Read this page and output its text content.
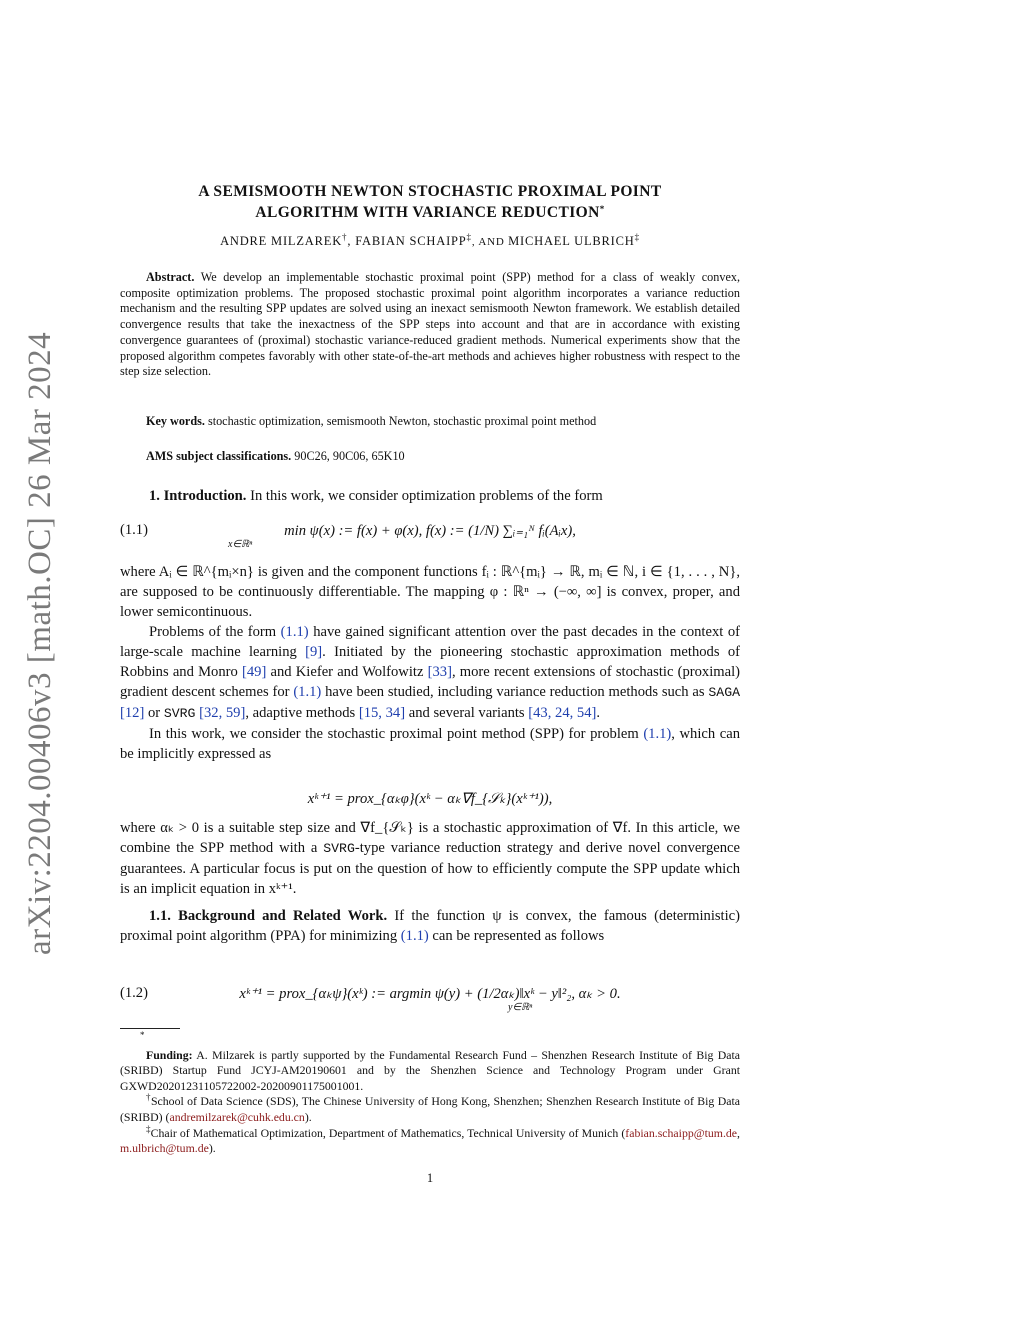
arXiv:2204.00406v3 [math.OC] 26 Mar 2024
A SEMISMOOTH NEWTON STOCHASTIC PROXIMAL POINT
ALGORITHM WITH VARIANCE REDUCTION*
ANDRE MILZAREK†, FABIAN SCHAIPP‡, AND MICHAEL ULBRICH‡

Abstract. We develop an implementable stochastic proximal point (SPP) method for a class of weakly convex, composite optimization problems. The proposed stochastic proximal point algorithm incorporates a variance reduction mechanism and the resulting SPP updates are solved using an inexact semismooth Newton framework. We establish detailed convergence results that take the inexactness of the SPP steps into account and that are in accordance with existing convergence guarantees of (proximal) stochastic variance-reduced gradient methods. Numerical experiments show that the proposed algorithm competes favorably with other state-of-the-art methods and achieves higher robustness with respect to the step size selection.

Key words. stochastic optimization, semismooth Newton, stochastic proximal point method
AMS subject classifications. 90C26, 90C06, 65K10

1. Introduction. In this work, we consider optimization problems of the form

(1.1)	min ψ(x) := f(x) + φ(x), f(x) := (1/N) ∑ᵢ₌₁ᴺ fᵢ(Aᵢx),
x∈ℝⁿ

where Aᵢ ∈ ℝ^{mᵢ×n} is given and the component functions fᵢ : ℝ^{mᵢ} → ℝ, mᵢ ∈ ℕ, i ∈ {1, . . . , N}, are supposed to be continuously differentiable. The mapping φ : ℝⁿ → (−∞, ∞] is convex, proper, and lower semicontinuous.

Problems of the form (1.1) have gained significant attention over the past decades in the context of large-scale machine learning [9]. Initiated by the pioneering stochastic approximation methods of Robbins and Monro [49] and Kiefer and Wolfowitz [33], more recent extensions of stochastic (proximal) gradient descent schemes for (1.1) have been studied, including variance reduction methods such as SAGA [12] or SVRG [32, 59], adaptive methods [15, 34] and several variants [43, 24, 54].

In this work, we consider the stochastic proximal point method (SPP) for problem (1.1), which can be implicitly expressed as

xᵏ⁺¹ = prox_{αₖφ}(xᵏ − αₖ∇f_{𝒮ₖ}(xᵏ⁺¹)),

where αₖ > 0 is a suitable step size and ∇f_{𝒮ₖ} is a stochastic approximation of ∇f. In this article, we combine the SPP method with a SVRG-type variance reduction strategy and derive novel convergence guarantees. A particular focus is put on the question of how to efficiently compute the SPP update which is an implicit equation in xᵏ⁺¹.

1.1. Background and Related Work. If the function ψ is convex, the famous (deterministic) proximal point algorithm (PPA) for minimizing (1.1) can be represented as follows

(1.2)	xᵏ⁺¹ = prox_{αₖψ}(xᵏ) := argmin ψ(y) + (1/2αₖ)‖xᵏ − y‖²₂, αₖ > 0.
y∈ℝⁿ

*

Funding: A. Milzarek is partly supported by the Fundamental Research Fund – Shenzhen Research Institute of Big Data (SRIBD) Startup Fund JCYJ-AM20190601 and by the Shenzhen Science and Technology Program under Grant GXWD20201231105722002-20200901175001001.

†School of Data Science (SDS), The Chinese University of Hong Kong, Shenzhen; Shenzhen Research Institute of Big Data (SRIBD) (andremilzarek@cuhk.edu.cn).

‡Chair of Mathematical Optimization, Department of Mathematics, Technical University of Munich (fabian.schaipp@tum.de, m.ulbrich@tum.de).

1
